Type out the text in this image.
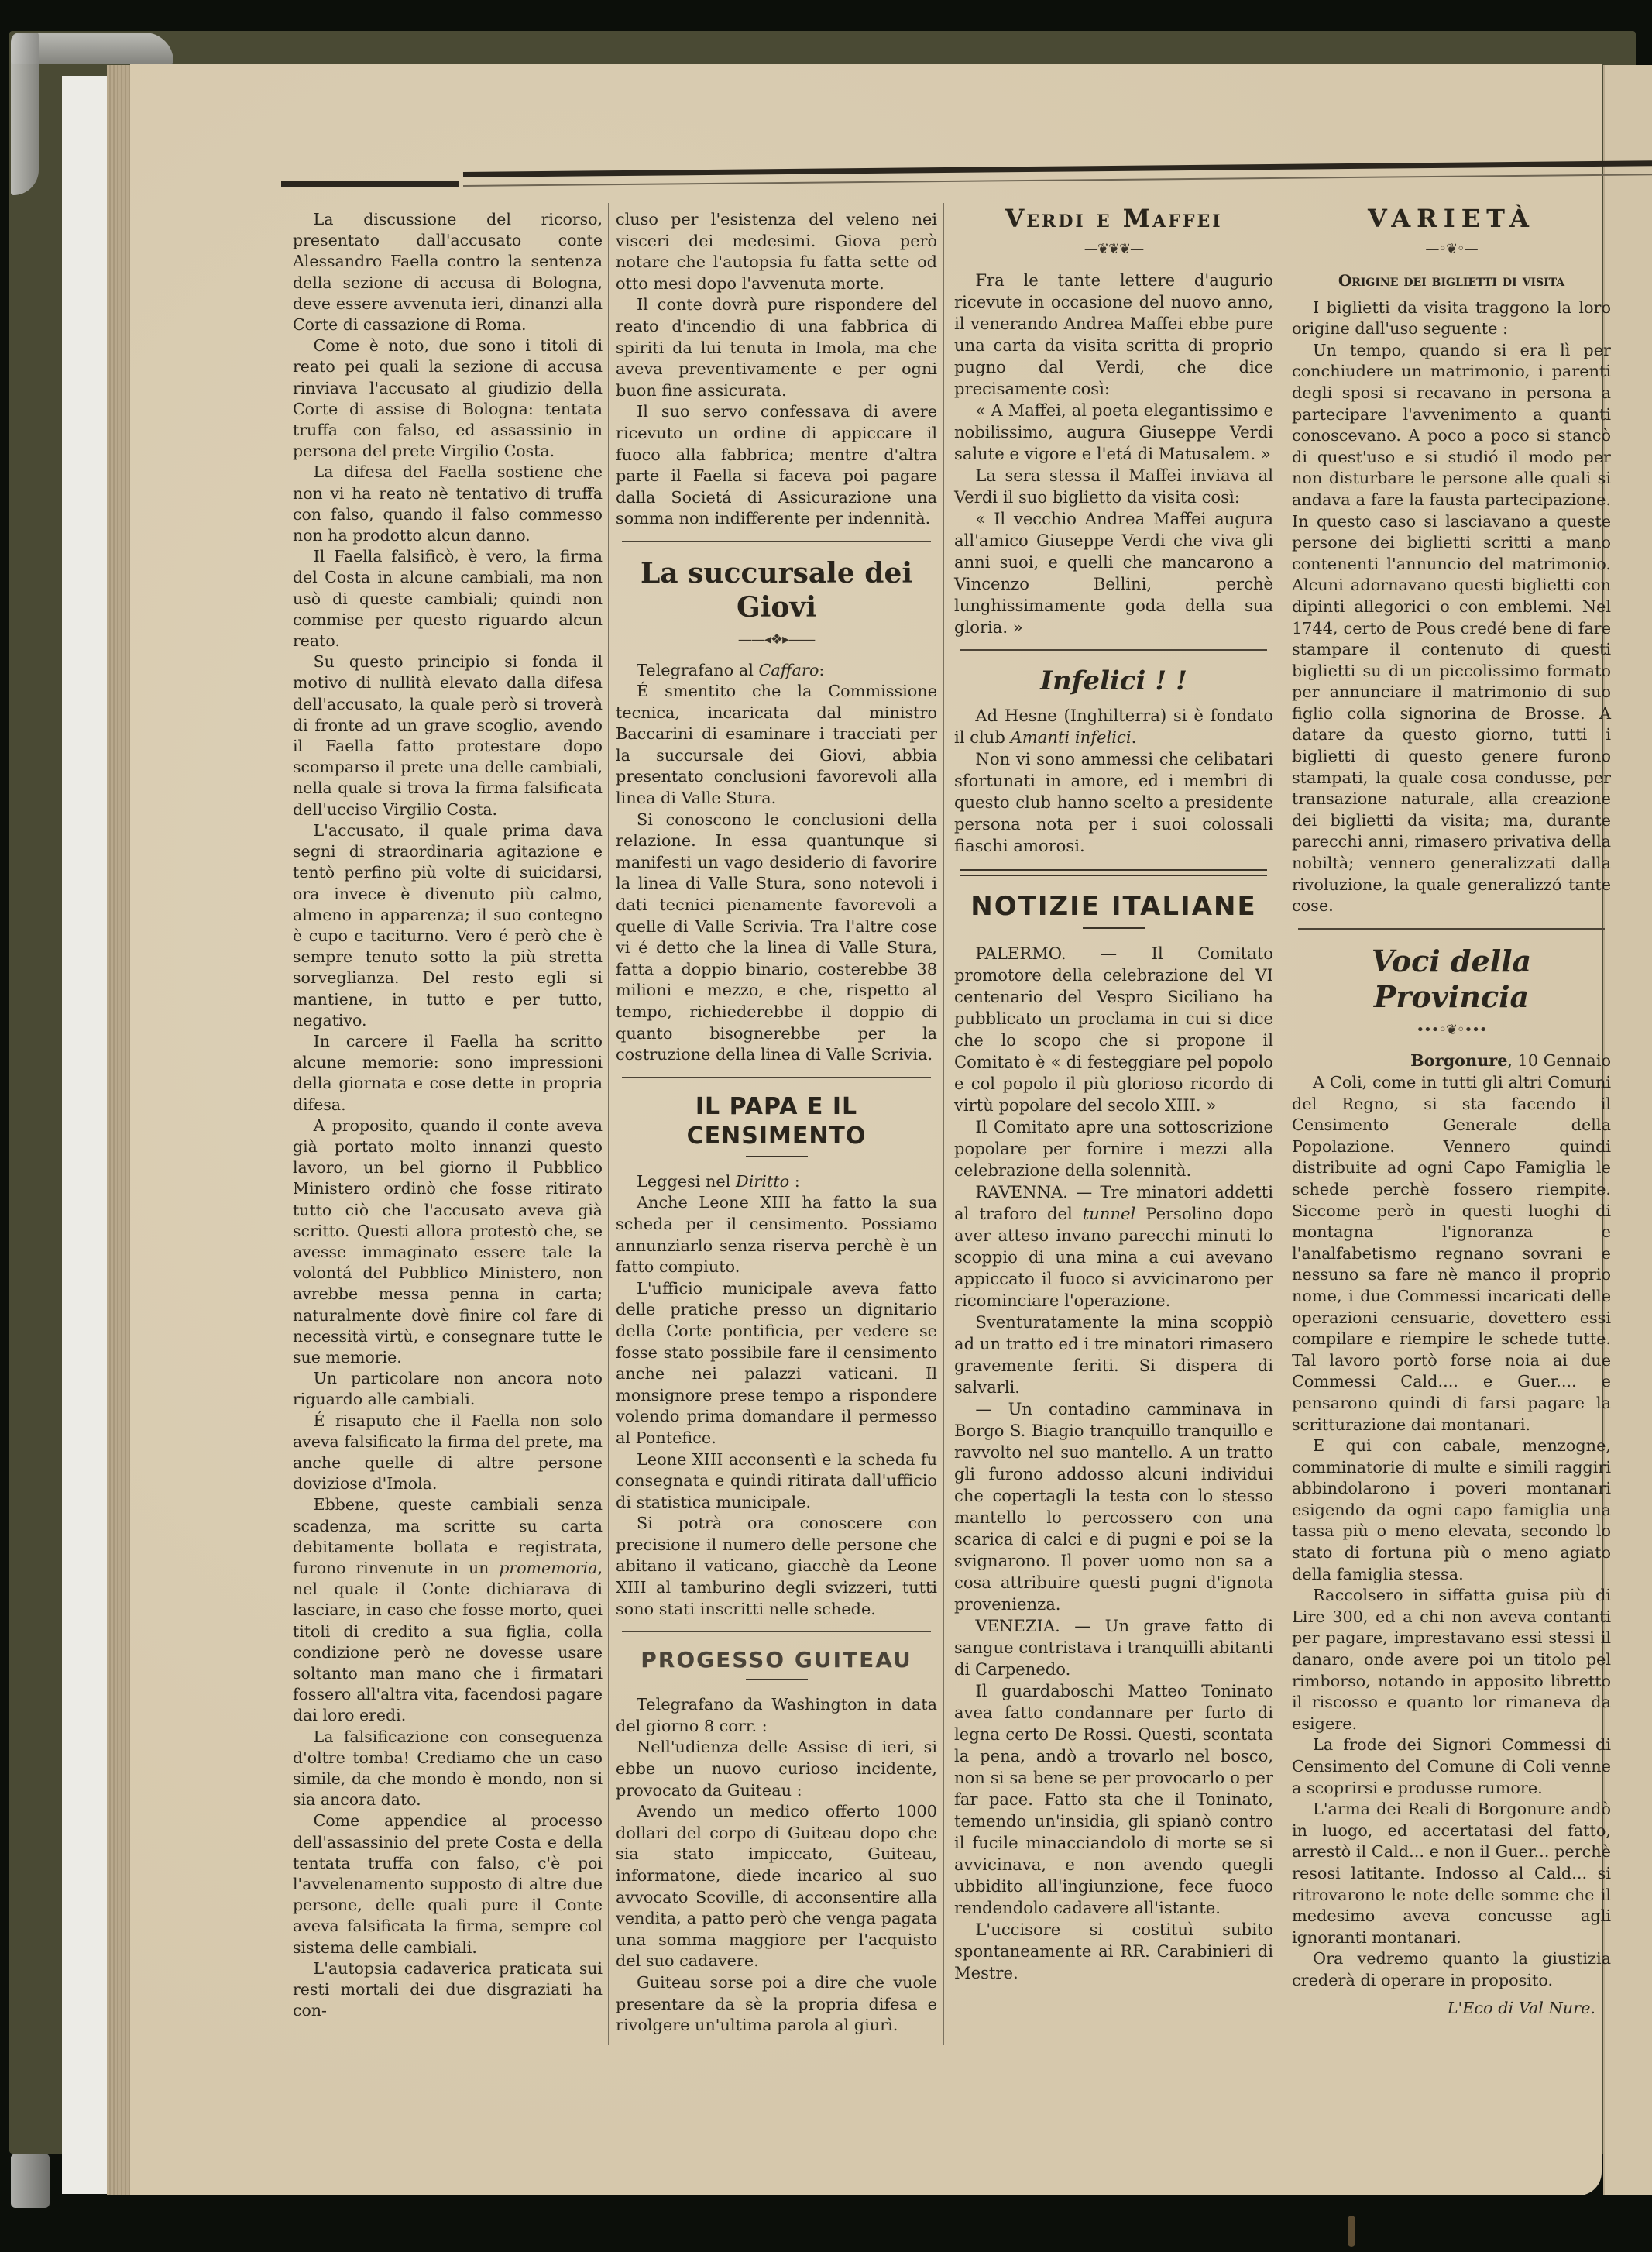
La discussione del ricorso, presentato dall'accusato conte Alessandro Faella contro la sentenza della sezione di accusa di Bologna, deve essere avvenuta ieri, dinanzi alla Corte di cassazione di Roma.

Come è noto, due sono i titoli di reato pei quali la sezione di accusa rinviava l'accusato al giudizio della Corte di assise di Bologna: tentata truffa con falso, ed assassinio in persona del prete Virgilio Costa.

La difesa del Faella sostiene che non vi ha reato nè tentativo di truffa con falso, quando il falso commesso non ha prodotto alcun danno.

Il Faella falsificò, è vero, la firma del Costa in alcune cambiali, ma non usò di queste cambiali; quindi non commise per questo riguardo alcun reato.

Su questo principio si fonda il motivo di nullità elevato dalla difesa dell'accusato, la quale però si troverà di fronte ad un grave scoglio, avendo il Faella fatto protestare dopo scomparso il prete una delle cambiali, nella quale si trova la firma falsificata dell'ucciso Virgilio Costa.

L'accusato, il quale prima dava segni di straordinaria agitazione e tentò perfino più volte di suicidarsi, ora invece è divenuto più calmo, almeno in apparenza; il suo contegno è cupo e taciturno. Vero é però che è sempre tenuto sotto la più stretta sorveglianza. Del resto egli si mantiene, in tutto e per tutto, negativo.

In carcere il Faella ha scritto alcune memorie: sono impressioni della giornata e cose dette in propria difesa.

A proposito, quando il conte aveva già portato molto innanzi questo lavoro, un bel giorno il Pubblico Ministero ordinò che fosse ritirato tutto ciò che l'accusato aveva già scritto. Questi allora protestò che, se avesse immaginato essere tale la volontá del Pubblico Ministero, non avrebbe messa penna in carta; naturalmente dovè finire col fare di necessità virtù, e consegnare tutte le sue memorie.

Un particolare non ancora noto riguardo alle cambiali.

É risaputo che il Faella non solo aveva falsificato la firma del prete, ma anche quelle di altre persone doviziose d'Imola.

Ebbene, queste cambiali senza scadenza, ma scritte su carta debitamente bollata e registrata, furono rinvenute in un promemoria, nel quale il Conte dichiarava di lasciare, in caso che fosse morto, quei titoli di credito a sua figlia, colla condizione però ne dovesse usare soltanto man mano che i firmatari fossero all'altra vita, facendosi pagare dai loro eredi.

La falsificazione con conseguenza d'oltre tomba! Crediamo che un caso simile, da che mondo è mondo, non si sia ancora dato.

Come appendice al processo dell'assassinio del prete Costa e della tentata truffa con falso, c'è poi l'avvelenamento supposto di altre due persone, delle quali pure il Conte aveva falsificata la firma, sempre col sistema delle cambiali.

L'autopsia cadaverica praticata sui resti mortali dei due disgraziati ha con-

cluso per l'esistenza del veleno nei visceri dei medesimi. Giova però notare che l'autopsia fu fatta sette od otto mesi dopo l'avvenuta morte.

Il conte dovrà pure rispondere del reato d'incendio di una fabbrica di spiriti da lui tenuta in Imola, ma che aveva preventivamente e per ogni buon fine assicurata.

Il suo servo confessava di avere ricevuto un ordine di appiccare il fuoco alla fabbrica; mentre d'altra parte il Faella si faceva poi pagare dalla Societá di Assicurazione una somma non indifferente per indennità.

La succursale dei Giovi
——◂❖▸——

Telegrafano al Caffaro:

É smentito che la Commissione tecnica, incaricata dal ministro Baccarini di esaminare i tracciati per la succursale dei Giovi, abbia presentato conclusioni favorevoli alla linea di Valle Stura.

Si conoscono le conclusioni della relazione. In essa quantunque si manifesti un vago desiderio di favorire la linea di Valle Stura, sono notevoli i dati tecnici pienamente favorevoli a quelle di Valle Scrivia. Tra l'altre cose vi é detto che la linea di Valle Stura, fatta a doppio binario, costerebbe 38 milioni e mezzo, e che, rispetto al tempo, richiederebbe il doppio di quanto bisognerebbe per la costruzione della linea di Valle Scrivia.

IL PAPA E IL CENSIMENTO

Leggesi nel Diritto :

Anche Leone XIII ha fatto la sua scheda per il censimento. Possiamo annunziarlo senza riserva perchè è un fatto compiuto.

L'ufficio municipale aveva fatto delle pratiche presso un dignitario della Corte pontificia, per vedere se fosse stato possibile fare il censimento anche nei palazzi vaticani. Il monsignore prese tempo a rispondere volendo prima domandare il permesso al Pontefice.

Leone XIII acconsentì e la scheda fu consegnata e quindi ritirata dall'ufficio di statistica municipale.

Si potrà ora conoscere con precisione il numero delle persone che abitano il vaticano, giacchè da Leone XIII al tamburino degli svizzeri, tutti sono stati inscritti nelle schede.

PROGESSO GUITEAU

Telegrafano da Washington in data del giorno 8 corr. :

Nell'udienza delle Assise di ieri, si ebbe un nuovo curioso incidente, provocato da Guiteau :

Avendo un medico offerto 1000 dollari del corpo di Guiteau dopo che sia stato impiccato, Guiteau, informatone, diede incarico al suo avvocato Scoville, di acconsentire alla vendita, a patto però che venga pagata una somma maggiore per l'acquisto del suo cadavere.

Guiteau sorse poi a dire che vuole presentare da sè la propria difesa e rivolgere un'ultima parola al giurì.

Verdi e Maffei
—❦❦❦—

Fra le tante lettere d'augurio ricevute in occasione del nuovo anno, il venerando Andrea Maffei ebbe pure una carta da visita scritta di proprio pugno dal Verdi, che dice precisamente così:

« A Maffei, al poeta elegantissimo e nobilissimo, augura Giuseppe Verdi salute e vigore e l'etá di Matusalem. »

La sera stessa il Maffei inviava al Verdi il suo biglietto da visita così:

« Il vecchio Andrea Maffei augura all'amico Giuseppe Verdi che viva gli anni suoi, e quelli che mancarono a Vincenzo Bellini, perchè lunghissimamente goda della sua gloria. »

Infelici ! !

Ad Hesne (Inghilterra) si è fondato il club Amanti infelici.

Non vi sono ammessi che celibatari sfortunati in amore, ed i membri di questo club hanno scelto a presidente persona nota per i suoi colossali fiaschi amorosi.

NOTIZIE ITALIANE

PALERMO. — Il Comitato promotore della celebrazione del VI centenario del Vespro Siciliano ha pubblicato un proclama in cui si dice che lo scopo che si propone il Comitato è « di festeggiare pel popolo e col popolo il più glorioso ricordo di virtù popolare del secolo XIII. »

Il Comitato apre una sottoscrizione popolare per fornire i mezzi alla celebrazione della solennità.

RAVENNA. — Tre minatori addetti al traforo del tunnel Persolino dopo aver atteso invano parecchi minuti lo scoppio di una mina a cui avevano appiccato il fuoco si avvicinarono per ricominciare l'operazione.

Sventuratamente la mina scoppiò ad un tratto ed i tre minatori rimasero gravemente feriti. Si dispera di salvarli.

— Un contadino camminava in Borgo S. Biagio tranquillo tranquillo e ravvolto nel suo mantello. A un tratto gli furono addosso alcuni individui che copertagli la testa con lo stesso mantello lo percossero con una scarica di calci e di pugni e poi se la svignarono. Il pover uomo non sa a cosa attribuire questi pugni d'ignota provenienza.

VENEZIA. — Un grave fatto di sangue contristava i tranquilli abitanti di Carpenedo.

Il guardaboschi Matteo Toninato avea fatto condannare per furto di legna certo De Rossi. Questi, scontata la pena, andò a trovarlo nel bosco, non si sa bene se per provocarlo o per far pace. Fatto sta che il Toninato, temendo un'insidia, gli spianò contro il fucile minacciandolo di morte se si avvicinava, e non avendo quegli ubbidito all'ingiunzione, fece fuoco rendendolo cadavere all'istante.

L'uccisore si costituì subito spontaneamente ai RR. Carabinieri di Mestre.

VARIETÀ
—◦❦◦—
Origine dei biglietti di visita

I biglietti da visita traggono la loro origine dall'uso seguente :

Un tempo, quando si era lì per conchiudere un matrimonio, i parenti degli sposi si recavano in persona a partecipare l'avvenimento a quanti conoscevano. A poco a poco si stancò di quest'uso e si studió il modo per non disturbare le persone alle quali si andava a fare la fausta partecipazione. In questo caso si lasciavano a queste persone dei biglietti scritti a mano contenenti l'annuncio del matrimonio. Alcuni adornavano questi biglietti con dipinti allegorici o con emblemi. Nel 1744, certo de Pous credé bene di fare stampare il contenuto di questi biglietti su di un piccolissimo formato per annunciare il matrimonio di suo figlio colla signorina de Brosse. A datare da questo giorno, tutti i biglietti di questo genere furono stampati, la quale cosa condusse, per transazione naturale, alla creazione dei biglietti da visita; ma, durante parecchi anni, rimasero privativa della nobiltà; vennero generalizzati dalla rivoluzione, la quale generalizzó tante cose.

Voci della Provincia
•••◦❦◦•••

Borgonure, 10 Gennaio

A Coli, come in tutti gli altri Comuni del Regno, si sta facendo il Censimento Generale della Popolazione. Vennero quindi distribuite ad ogni Capo Famiglia le schede perchè fossero riempite. Siccome però in questi luoghi di montagna l'ignoranza e l'analfabetismo regnano sovrani e nessuno sa fare nè manco il proprio nome, i due Commessi incaricati delle operazioni censuarie, dovettero essi compilare e riempire le schede tutte. Tal lavoro portò forse noia ai due Commessi Cald.... e Guer.... e pensarono quindi di farsi pagare la scritturazione dai montanari.

E qui con cabale, menzogne, comminatorie di multe e simili raggiri abbindolarono i poveri montanari esigendo da ogni capo famiglia una tassa più o meno elevata, secondo lo stato di fortuna più o meno agiato della famiglia stessa.

Raccolsero in siffatta guisa più di Lire 300, ed a chi non aveva contanti per pagare, imprestavano essi stessi il danaro, onde avere poi un titolo pel rimborso, notando in apposito libretto il riscosso e quanto lor rimaneva da esigere.

La frode dei Signori Commessi di Censimento del Comune di Coli venne a scoprirsi e produsse rumore.

L'arma dei Reali di Borgonure andò in luogo, ed accertatasi del fatto, arrestò il Cald... e non il Guer... perchè resosi latitante. Indosso al Cald... si ritrovarono le note delle somme che il medesimo aveva concusse agli ignoranti montanari.

Ora vedremo quanto la giustizia crederà di operare in proposito.

L'Eco di Val Nure.
